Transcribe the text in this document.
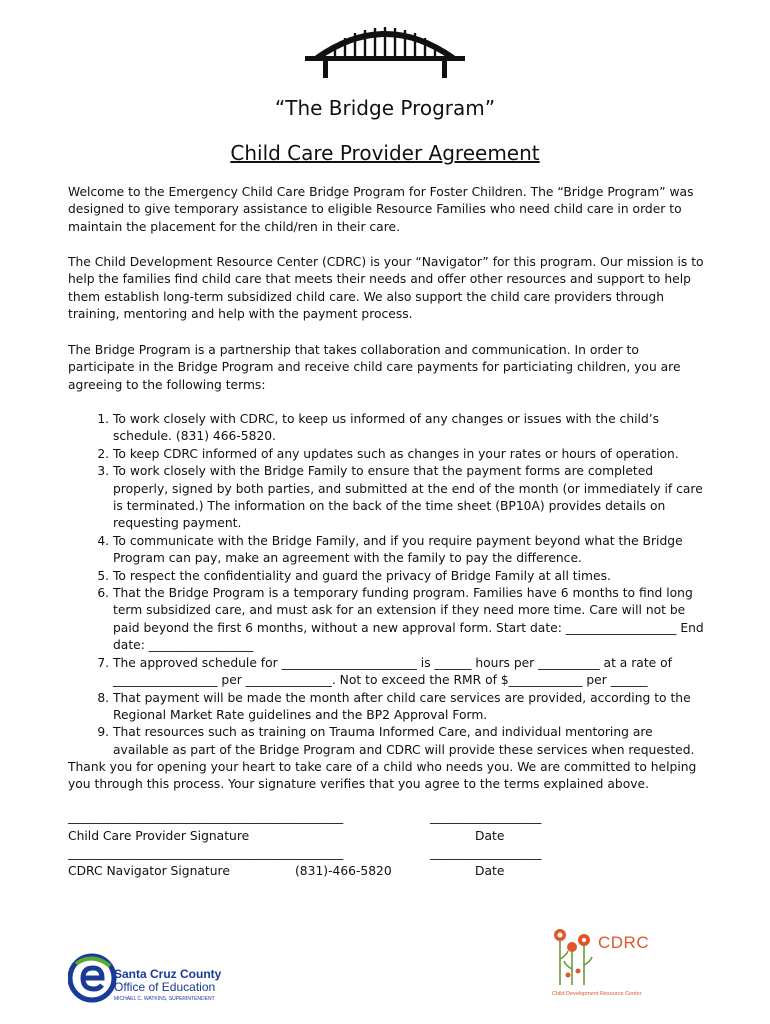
“The Bridge Program”
Child Care Provider Agreement
Welcome to the Emergency Child Care Bridge Program for Foster Children. The “Bridge Program” was designed to give temporary assistance to eligible Resource Families who need child care in order to maintain the placement for the child/ren in their care.
The Child Development Resource Center (CDRC) is your “Navigator” for this program. Our mission is to help the families find child care that meets their needs and offer other resources and support to help them establish long-term subsidized child care. We also support the child care providers through training, mentoring and help with the payment process.
The Bridge Program is a partnership that takes collaboration and communication. In order to participate in the Bridge Program and receive child care payments for particiating children, you are agreeing to the following terms:
1. To work closely with CDRC, to keep us informed of any changes or issues with the child’s schedule. (831) 466-5820.
2. To keep CDRC informed of any updates such as changes in your rates or hours of operation.
3. To work closely with the Bridge Family to ensure that the payment forms are completed properly, signed by both parties, and submitted at the end of the month (or immediately if care is terminated.) The information on the back of the time sheet (BP10A) provides details on requesting payment.
4. To communicate with the Bridge Family, and if you require payment beyond what the Bridge Program can pay, make an agreement with the family to pay the difference.
5. To respect the confidentiality and guard the privacy of Bridge Family at all times.
6. That the Bridge Program is a temporary funding program. Families have 6 months to find long term subsidized care, and must ask for an extension if they need more time. Care will not be paid beyond the first 6 months, without a new approval form. Start date: __________________ End date: _________________
7. The approved schedule for ______________________ is ______ hours per __________ at a rate of _________________ per ______________. Not to exceed the RMR of $____________ per ______
8. That payment will be made the month after child care services are provided, according to the Regional Market Rate guidelines and the BP2 Approval Form.
9. That resources such as training on Trauma Informed Care, and individual mentoring are available as part of the Bridge Program and CDRC will provide these services when requested.
Thank you for opening your heart to take care of a child who needs you. We are committed to helping you through this process. Your signature verifies that you agree to the terms explained above.
_______________________________________________	___________________
Child Care Provider Signature	Date
_______________________________________________	___________________
CDRC Navigator Signature	(831)-466-5820	Date
Santa Cruz County
Office of Education
MICHAEL C. WATKINS, SUPERINTENDENT
CDRC
Child Development Resource Center
